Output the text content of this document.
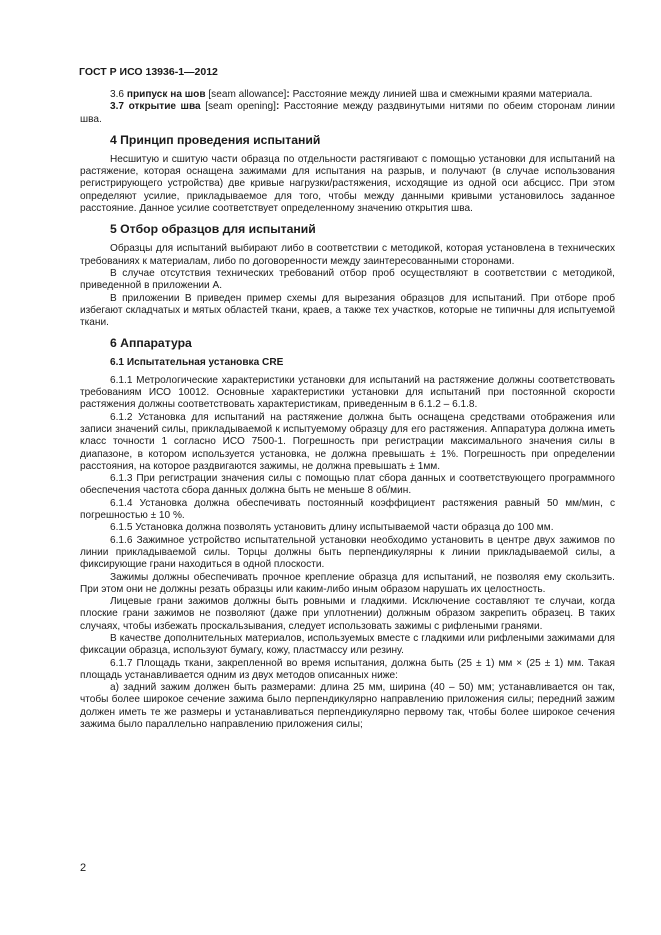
ГОСТ Р ИСО 13936-1—2012

3.6 припуск на шов [seam allowance]: Расстояние между линией шва и смежными краями материала.

3.7 открытие шва [seam opening]: Расстояние между раздвинутыми нитями по обеим сторонам линии шва.

4 Принцип проведения испытаний

Несшитую и сшитую части образца по отдельности растягивают с помощью установки для испытаний на растяжение, которая оснащена зажимами для испытания на разрыв, и получают (в случае использования регистрирующего устройства) две кривые нагрузки/растяжения, исходящие из одной оси абсцисс. При этом определяют усилие, прикладываемое для того, чтобы между данными кривыми установилось заданное расстояние. Данное усилие соответствует определенному значению открытия шва.

5 Отбор образцов для испытаний

Образцы для испытаний выбирают либо в соответствии с методикой, которая установлена в технических требованиях к материалам, либо по договоренности между заинтересованными сторонами.

В случае отсутствия технических требований отбор проб осуществляют в соответствии с методикой, приведенной в приложении А.

В приложении В приведен пример схемы для вырезания образцов для испытаний. При отборе проб избегают складчатых и мятых областей ткани, краев, а также тех участков, которые не типичны для испытуемой ткани.

6 Аппаратура
6.1 Испытательная установка CRE

6.1.1 Метрологические характеристики установки для испытаний на растяжение должны соответствовать требованиям ИСО 10012. Основные характеристики установки для испытаний при постоянной скорости растяжения должны соответствовать характеристикам, приведенным в 6.1.2 – 6.1.8.

6.1.2 Установка для испытаний на растяжение должна быть оснащена средствами отображения или записи значений силы, прикладываемой к испытуемому образцу для его растяжения. Аппаратура должна иметь класс точности 1 согласно ИСО 7500-1. Погрешность при регистрации максимального значения силы в диапазоне, в котором используется установка, не должна превышать ± 1%. Погрешность при определении расстояния, на которое раздвигаются зажимы, не должна превышать ± 1мм.

6.1.3 При регистрации значения силы с помощью плат сбора данных и соответствующего программного обеспечения частота сбора данных должна быть не меньше 8 об/мин.

6.1.4 Установка должна обеспечивать постоянный коэффициент растяжения равный 50 мм/мин, с погрешностью ± 10 %.

6.1.5 Установка должна позволять установить длину испытываемой части образца до 100 мм.

6.1.6 Зажимное устройство испытательной установки необходимо установить в центре двух зажимов по линии прикладываемой силы. Торцы должны быть перпендикулярны к линии прикладываемой силы, а фиксирующие грани находиться в одной плоскости.

Зажимы должны обеспечивать прочное крепление образца для испытаний, не позволяя ему скользить. При этом они не должны резать образцы или каким-либо иным образом нарушать их целостность.

Лицевые грани зажимов должны быть ровными и гладкими. Исключение составляют те случаи, когда плоские грани зажимов не позволяют (даже при уплотнении) должным образом закрепить образец. В таких случаях, чтобы избежать проскальзывания, следует использовать зажимы с рифлеными гранями.

В качестве дополнительных материалов, используемых вместе с гладкими или рифлеными зажимами для фиксации образца, используют бумагу, кожу, пластмассу или резину.

6.1.7 Площадь ткани, закрепленной во время испытания, должна быть (25 ± 1) мм × (25 ± 1) мм. Такая площадь устанавливается одним из двух методов описанных ниже:

а) задний зажим должен быть размерами: длина 25 мм, ширина (40 – 50) мм; устанавливается он так, чтобы более широкое сечение зажима было перпендикулярно направлению приложения силы; передний зажим должен иметь те же размеры и устанавливаться перпендикулярно первому так, чтобы более широкое сечения зажима было параллельно направлению приложения силы;

2
